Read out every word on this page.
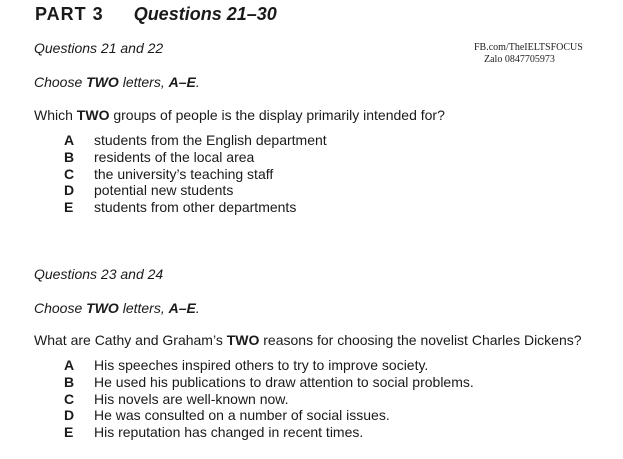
PART 3 Questions 21–30
FB.com/TheIELTSFOCUS
Zalo 0847705973
Questions 21 and 22
Choose TWO letters, A–E.
Which TWO groups of people is the display primarily intended for?
A students from the English department
B residents of the local area
C the university’s teaching staff
D potential new students
E students from other departments
Questions 23 and 24
Choose TWO letters, A–E.
What are Cathy and Graham’s TWO reasons for choosing the novelist Charles Dickens?
A His speeches inspired others to try to improve society.
B He used his publications to draw attention to social problems.
C His novels are well-known now.
D He was consulted on a number of social issues.
E His reputation has changed in recent times.
